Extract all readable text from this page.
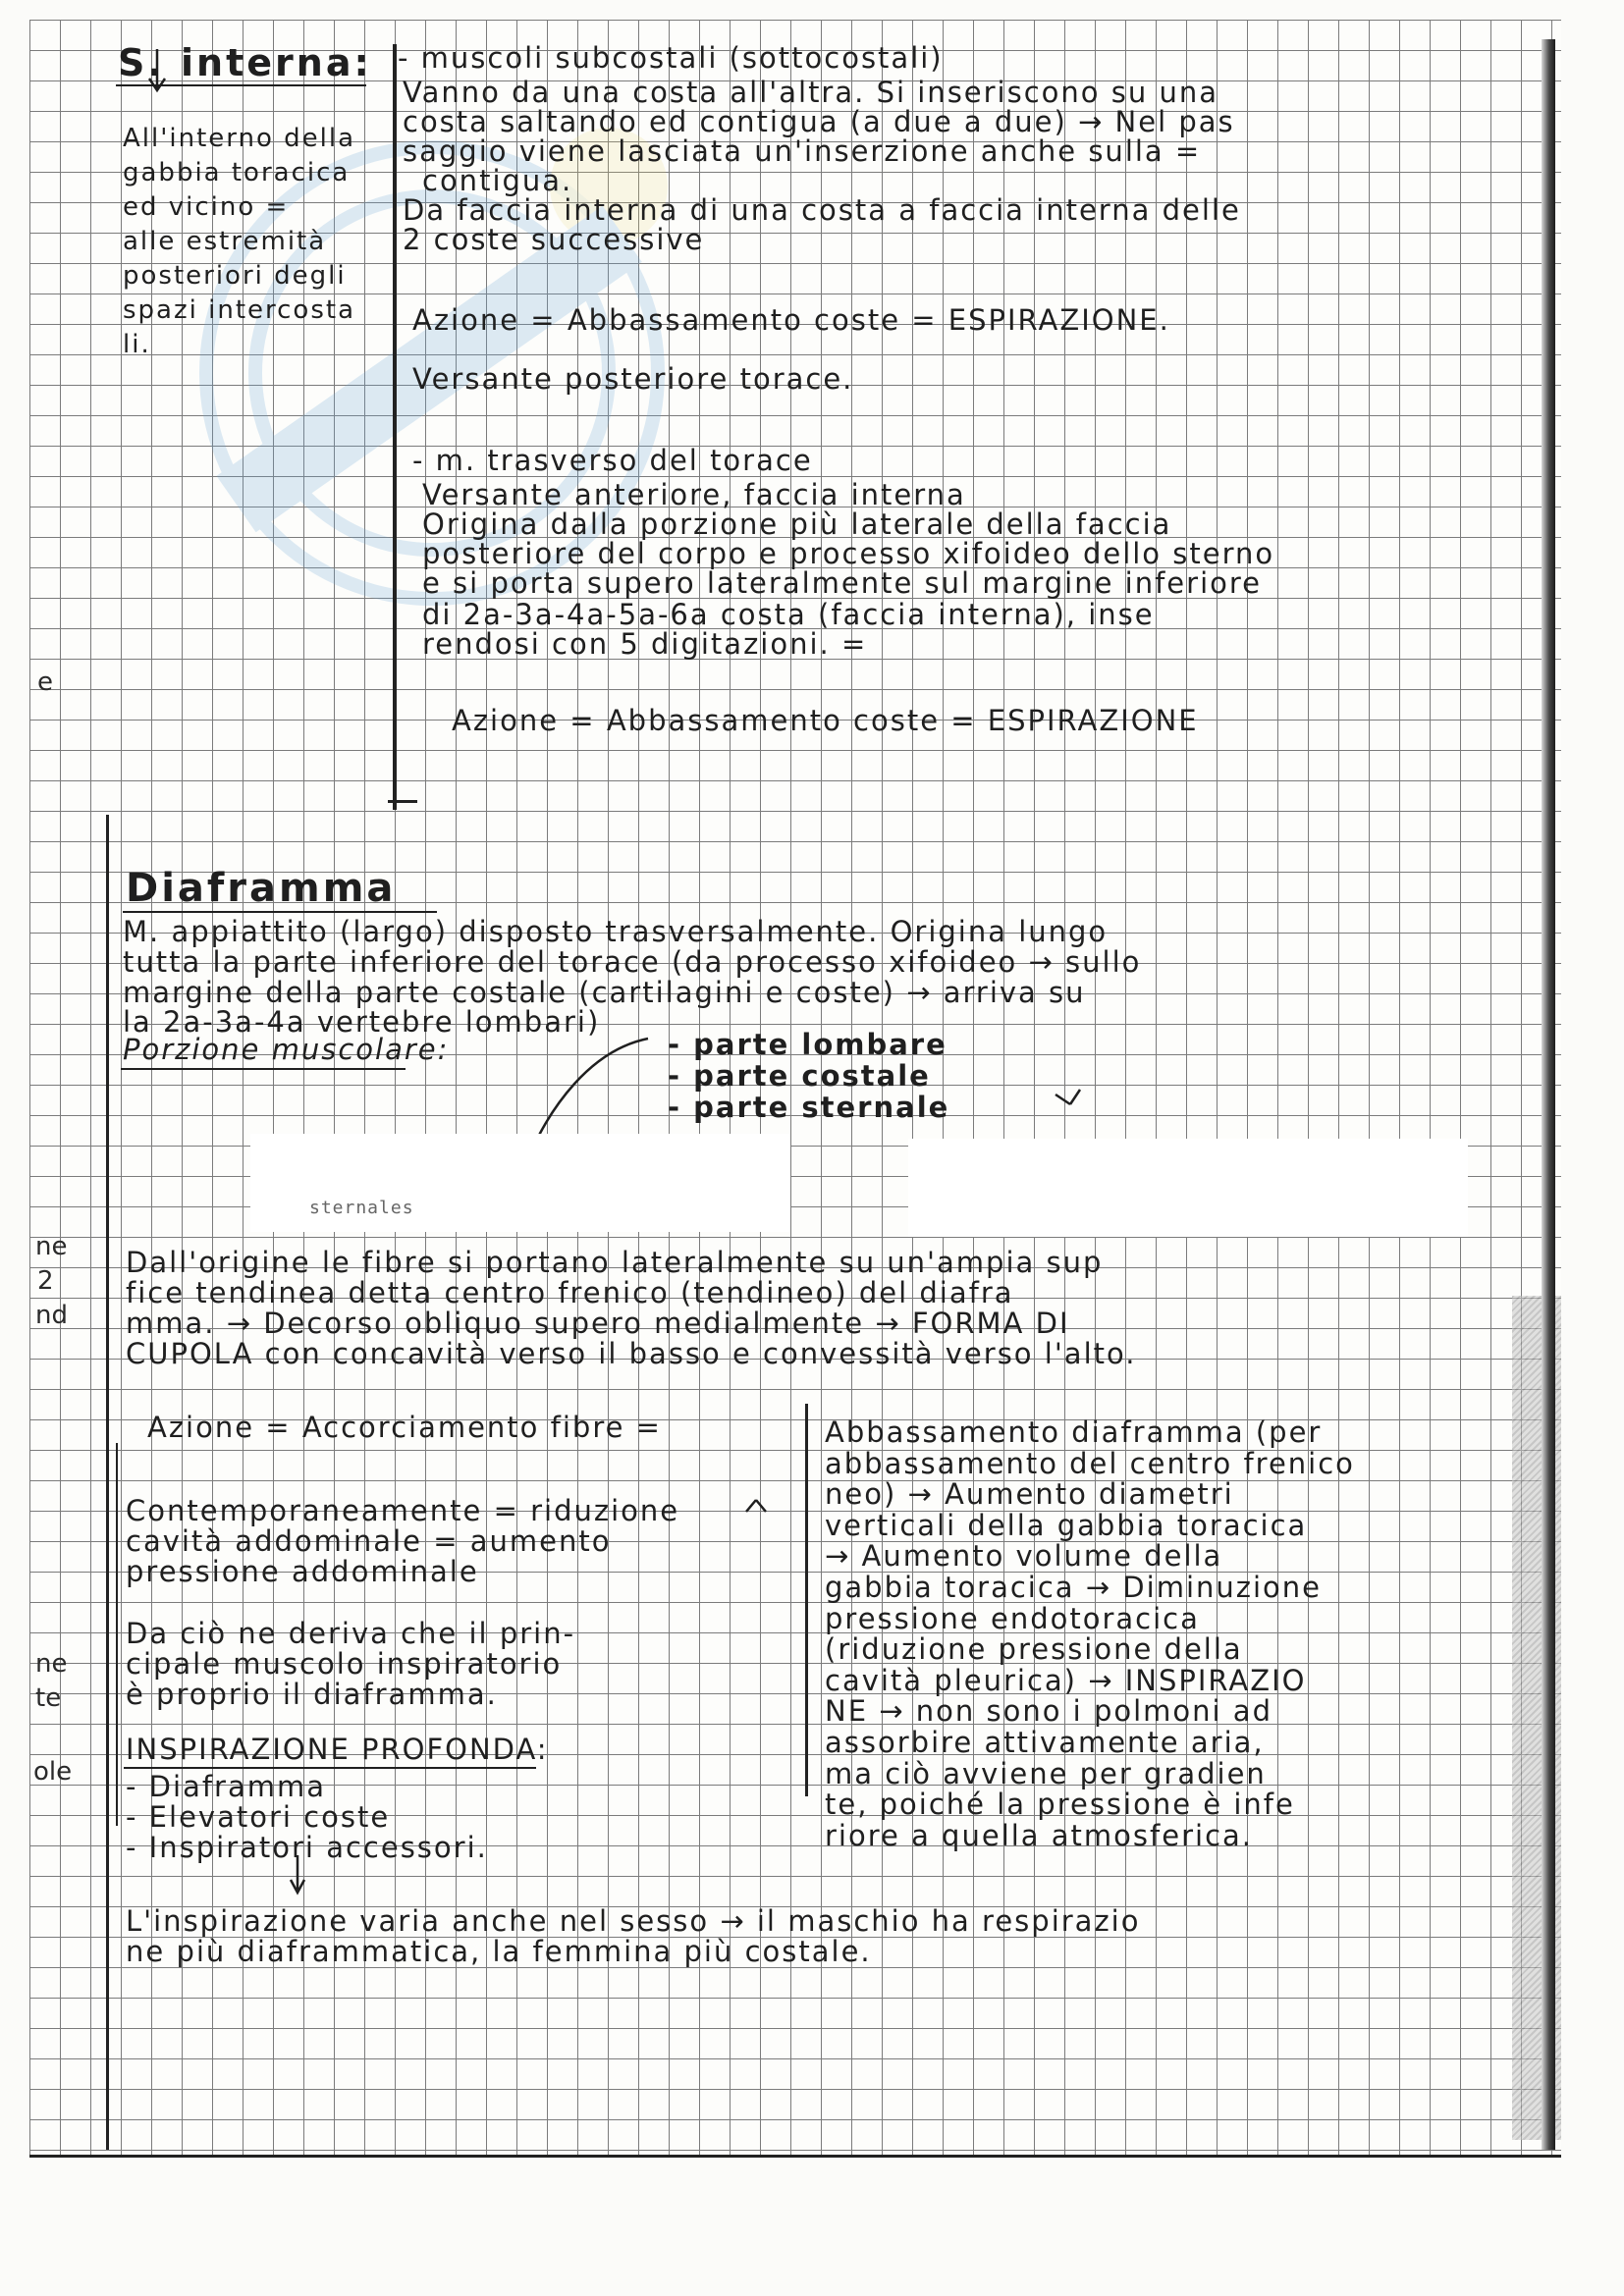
e
ne
2
nd
ne
te
ole
S. interna:
All'interno della
gabbia toracica
ed vicino =
alle estremità
posteriori degli
spazi intercosta
li.
- muscoli subcostali (sottocostali)
Vanno da una costa all'altra. Si inseriscono su una
costa saltando ed contigua (a due a due) → Nel pas
saggio viene lasciata un'inserzione anche sulla =
contigua.
Da faccia interna di una costa a faccia interna delle
2 coste successive
Azione = Abbassamento coste = ESPIRAZIONE.
Versante posteriore torace.
- m. trasverso del torace
Versante anteriore, faccia interna
Origina dalla porzione più laterale della faccia
posteriore del corpo e processo xifoideo dello sterno
e si porta supero lateralmente sul margine inferiore
di 2a-3a-4a-5a-6a costa (faccia interna), inse
rendosi con 5 digitazioni. =
Azione = Abbassamento coste = ESPIRAZIONE
Diaframma
M. appiattito (largo) disposto trasversalmente. Origina lungo
tutta la parte inferiore del torace (da processo xifoideo → sullo
margine della parte costale (cartilagini e coste) → arriva su
la 2a-3a-4a vertebre lombari)
Porzione muscolare:	- parte lombare
- parte costale
- parte sternale
sternales
Dall'origine le fibre si portano lateralmente su un'ampia sup
fice tendinea detta centro frenico (tendineo) del diafra
mma. → Decorso obliquo supero medialmente → FORMA DI
CUPOLA con concavità verso il basso e convessità verso l'alto.
Azione = Accorciamento fibre =
Contemporaneamente = riduzione
cavità addominale = aumento
pressione addominale
Da ciò ne deriva che il prin-
cipale muscolo inspiratorio
è proprio il diaframma.
INSPIRAZIONE PROFONDA:
- Diaframma
- Elevatori coste
- Inspiratori accessori.
Abbassamento diaframma (per
abbassamento del centro frenico
neo) → Aumento diametri
verticali della gabbia toracica
→ Aumento volume della
gabbia toracica → Diminuzione
pressione endotoracica
(riduzione pressione della
cavità pleurica) → INSPIRAZIO
NE → non sono i polmoni ad
assorbire attivamente aria,
ma ciò avviene per gradien
te, poiché la pressione è infe
riore a quella atmosferica.
L'inspirazione varia anche nel sesso → il maschio ha respirazio
ne più diaframmatica, la femmina più costale.
